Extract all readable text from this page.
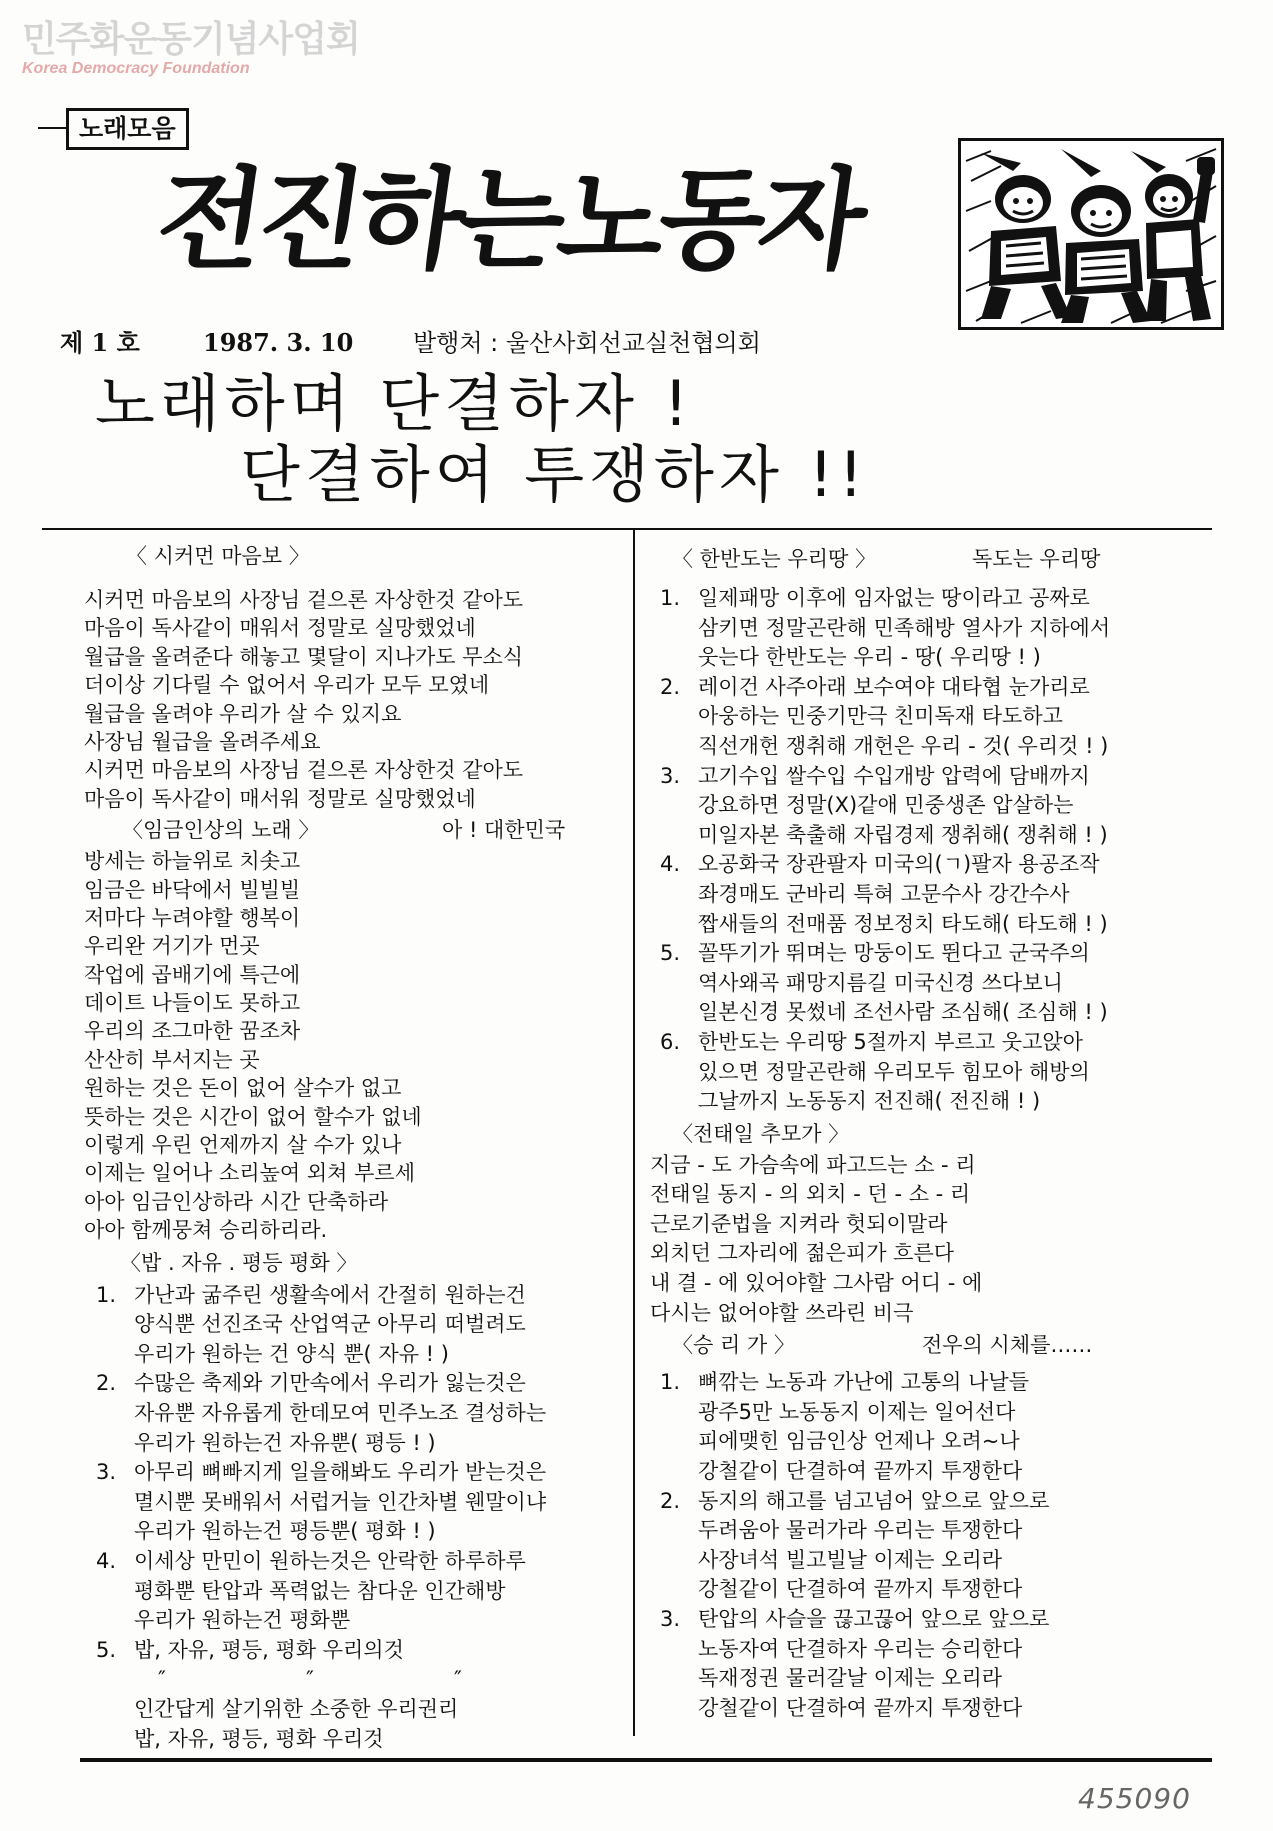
민주화운동기념사업회
Korea Democracy Foundation
노래모음
전진하는노동자
제 1 호	1987. 3. 10 발행처 : 울산사회선교실천협의회
노래하며 단결하자 !
단결하여 투쟁하자 !!
〈 시커먼 마음보 〉
시커먼 마음보의 사장님 겉으론 자상한것 같아도
마음이 독사같이 매워서 정말로 실망했었네
월급을 올려준다 해놓고 몇달이 지나가도 무소식
더이상 기다릴 수 없어서 우리가 모두 모였네
월급을 올려야 우리가 살 수 있지요
사장님 월급을 올려주세요
시커먼 마음보의 사장님 겉으론 자상한것 같아도
마음이 독사같이 매서워 정말로 실망했었네
〈임금인상의 노래 〉	아 ! 대한민국
방세는 하늘위로 치솟고
임금은 바닥에서 빌빌빌
저마다 누려야할 행복이
우리완 거기가 먼곳
작업에 곱배기에 특근에
데이트 나들이도 못하고
우리의 조그마한 꿈조차
산산히 부서지는 곳
원하는 것은 돈이 없어 살수가 없고
뜻하는 것은 시간이 없어 할수가 없네
이렇게 우린 언제까지 살 수가 있나
이제는 일어나 소리높여 외쳐 부르세
아아 임금인상하라 시간 단축하라
아아 함께뭉쳐 승리하리라.
〈밥 . 자유 . 평등 평화 〉
1. 가난과 굶주린 생활속에서 간절히 원하는건
양식뿐 선진조국 산업역군 아무리 떠벌려도
우리가 원하는 건 양식 뿐( 자유 ! )
2. 수많은 축제와 기만속에서 우리가 잃는것은
자유뿐 자유롭게 한데모여 민주노조 결성하는
우리가 원하는건 자유뿐( 평등 ! )
3. 아무리 뼈빠지게 일을해봐도 우리가 받는것은
멸시뿐 못배워서 서럽거늘 인간차별 웬말이냐
우리가 원하는건 평등뿐( 평화 ! )
4. 이세상 만민이 원하는것은 안락한 하루하루
평화뿐 탄압과 폭력없는 참다운 인간해방
우리가 원하는건 평화뿐
5. 밥, 자유, 평등, 평화 우리의것
″	″	″
인간답게 살기위한 소중한 우리권리
밥, 자유, 평등, 평화 우리것
〈 한반도는 우리땅 〉	독도는 우리땅
1. 일제패망 이후에 임자없는 땅이라고 공짜로
삼키면 정말곤란해 민족해방 열사가 지하에서
웃는다 한반도는 우리 - 땅( 우리땅 ! )
2. 레이건 사주아래 보수여야 대타협 눈가리로
아웅하는 민중기만극 친미독재 타도하고
직선개헌 쟁취해 개헌은 우리 - 것( 우리것 ! )
3. 고기수입 쌀수입 수입개방 압력에 담배까지
강요하면 정말(X)같애 민중생존 압살하는
미일자본 축출해 자립경제 쟁취해( 쟁취해 ! )
4. 오공화국 장관팔자 미국의(ㄱ)팔자 용공조작
좌경매도 군바리 특혀 고문수사 강간수사
짭새들의 전매품 정보정치 타도해( 타도해 ! )
5. 꼴뚜기가 뛰며는 망둥이도 뛴다고 군국주의
역사왜곡 패망지름길 미국신경 쓰다보니
일본신경 못썼네 조선사람 조심해( 조심해 ! )
6. 한반도는 우리땅 5절까지 부르고 웃고앉아
있으면 정말곤란해 우리모두 힘모아 해방의
그날까지 노동동지 전진해( 전진해 ! )
〈전태일 추모가 〉
지금 - 도 가슴속에 파고드는 소 - 리
전태일 동지 - 의 외치 - 던 - 소 - 리
근로기준법을 지켜라 헛되이말라
외치던 그자리에 젊은피가 흐른다
내 결 - 에 있어야할 그사람 어디 - 에
다시는 없어야할 쓰라린 비극
〈승 리 가 〉	전우의 시체를……
1. 뼈깎는 노동과 가난에 고통의 나날들
광주5만 노동동지 이제는 일어선다
피에맺힌 임금인상 언제나 오려~나
강철같이 단결하여 끝까지 투쟁한다
2. 동지의 해고를 넘고넘어 앞으로 앞으로
두려움아 물러가라 우리는 투쟁한다
사장녀석 빌고빌날 이제는 오리라
강철같이 단결하여 끝까지 투쟁한다
3. 탄압의 사슬을 끊고끊어 앞으로 앞으로
노동자여 단결하자 우리는 승리한다
독재정권 물러갈날 이제는 오리라
강철같이 단결하여 끝까지 투쟁한다
455090
